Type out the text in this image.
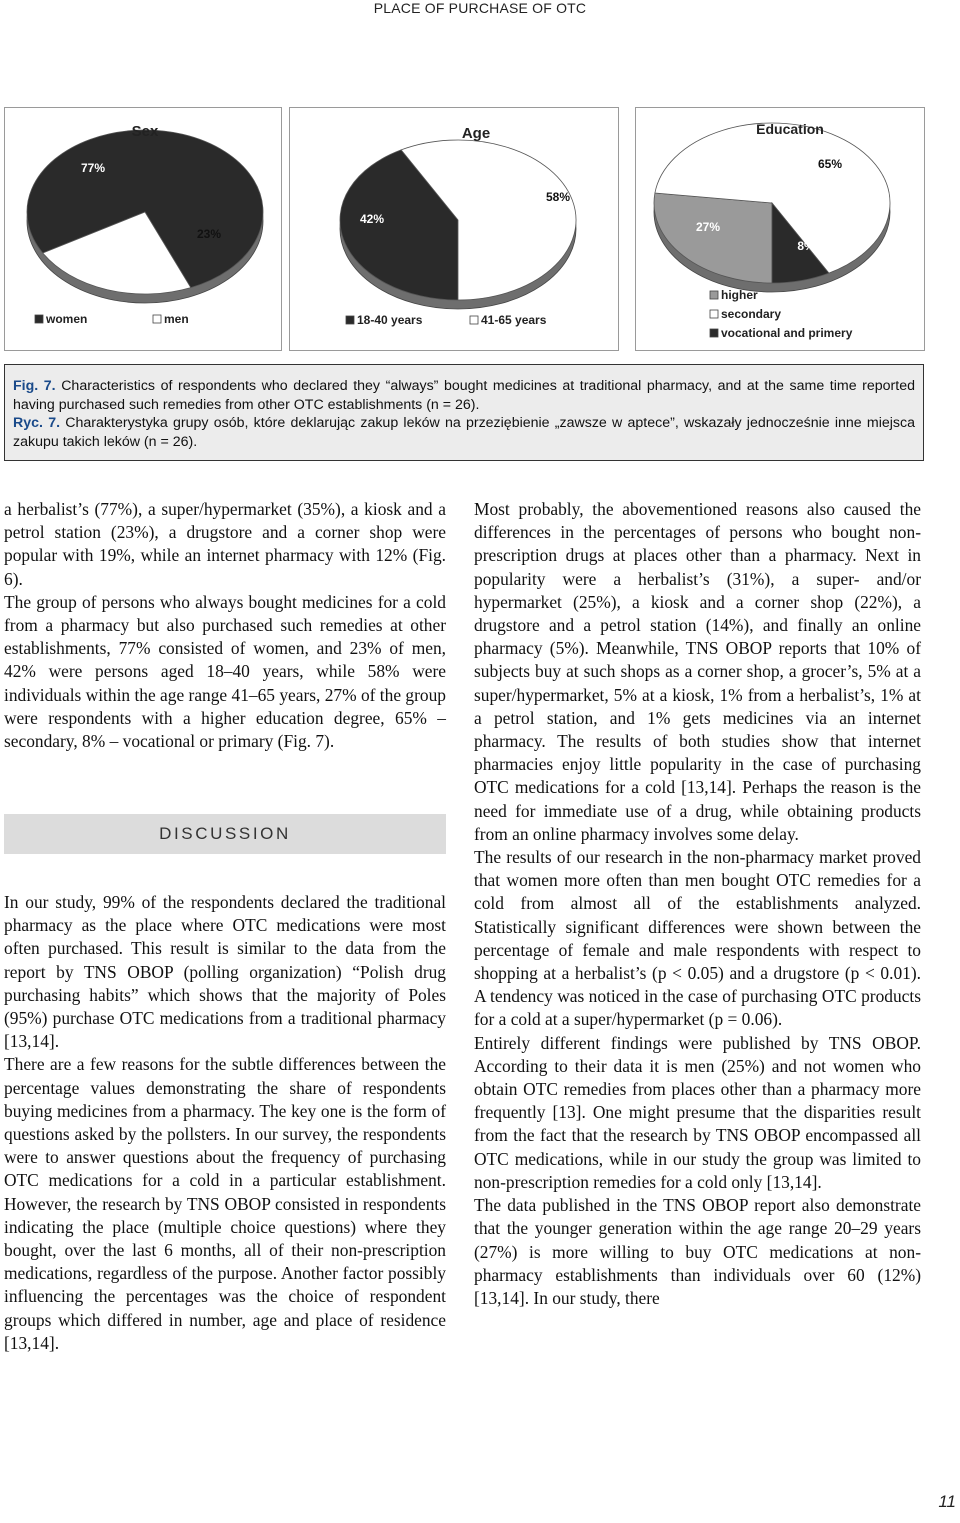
PLACE OF PURCHASE OF OTC
Sex
77%
23%
women	men
Age
42%
58%
18-40 years	41-65 years
Education
27%
65%
8%
higher
secondary
vocational and primery

Fig. 7. Characteristics of respondents who declared they “always” bought medicines at traditional pharmacy, and at the same time reported having purchased such remedies from other OTC establishments (n = 26).

Ryc. 7. Charakterystyka grupy osób, które deklarując zakup leków na przeziębienie „zawsze w aptece”, wskazały jednocześnie inne miejsca zakupu takich leków (n = 26).

a herbalist’s (77%), a super/hypermarket (35%), a kiosk and a petrol station (23%), a drugstore and a corner shop were popular with 19%, while an internet pharmacy with 12% (Fig. 6).

The group of persons who always bought medicines for a cold from a pharmacy but also purchased such remedies at other establishments, 77% consisted of women, and 23% of men, 42% were persons aged 18–40 years, while 58% were individuals within the age range 41–65 years, 27% of the group were respondents with a higher education degree, 65% – secondary, 8% – vocational or primary (Fig. 7).

DISCUSSION

In our study, 99% of the respondents declared the traditional pharmacy as the place where OTC medications were most often purchased. This result is similar to the data from the report by TNS OBOP (polling organization) “Polish drug purchasing habits” which shows that the majority of Poles (95%) purchase OTC medications from a traditional pharmacy [13,14].

There are a few reasons for the subtle differences between the percentage values demonstrating the share of respondents buying medicines from a pharmacy. The key one is the form of questions asked by the pollsters. In our survey, the respondents were to answer questions about the frequency of purchasing OTC medications for a cold in a particular establishment. However, the research by TNS OBOP consisted in respondents indicating the place (multiple choice questions) where they bought, over the last 6 months, all of their non-prescription medications, regardless of the purpose. Another factor possibly influencing the percentages was the choice of respondent groups which differed in number, age and place of residence [13,14].

Most probably, the abovementioned reasons also caused the differences in the percentages of persons who bought non-prescription drugs at places other than a pharmacy. Next in popularity were a herbalist’s (31%), a super- and/or hypermarket (25%), a kiosk and a corner shop (22%), a drugstore and a petrol station (14%), and finally an online pharmacy (5%). Meanwhile, TNS OBOP reports that 10% of subjects buy at such shops as a corner shop, a grocer’s, 5% at a super/hypermarket, 5% at a kiosk, 1% from a herbalist’s, 1% at a petrol station, and 1% gets medicines via an internet pharmacy. The results of both studies show that internet pharmacies enjoy little popularity in the case of purchasing OTC medications for a cold [13,14]. Perhaps the reason is the need for immediate use of a drug, while obtaining products from an online pharmacy involves some delay.

The results of our research in the non-pharmacy market proved that women more often than men bought OTC remedies for a cold from almost all of the establishments analyzed. Statistically significant differences were shown between the percentage of female and male respondents with respect to shopping at a herbalist’s (p < 0.05) and a drugstore (p < 0.01). A tendency was noticed in the case of purchasing OTC products for a cold at a super/hypermarket (p = 0.06).

Entirely different findings were published by TNS OBOP. According to their data it is men (25%) and not women who obtain OTC remedies from places other than a pharmacy more frequently [13]. One might presume that the disparities result from the fact that the research by TNS OBOP encompassed all OTC medications, while in our study the group was limited to non-prescription remedies for a cold only [13,14].

The data published in the TNS OBOP report also demonstrate that the younger generation within the age range 20–29 years (27%) is more willing to buy OTC medications at non-pharmacy establishments than individuals over 60 (12%) [13,14]. In our study, there

11
